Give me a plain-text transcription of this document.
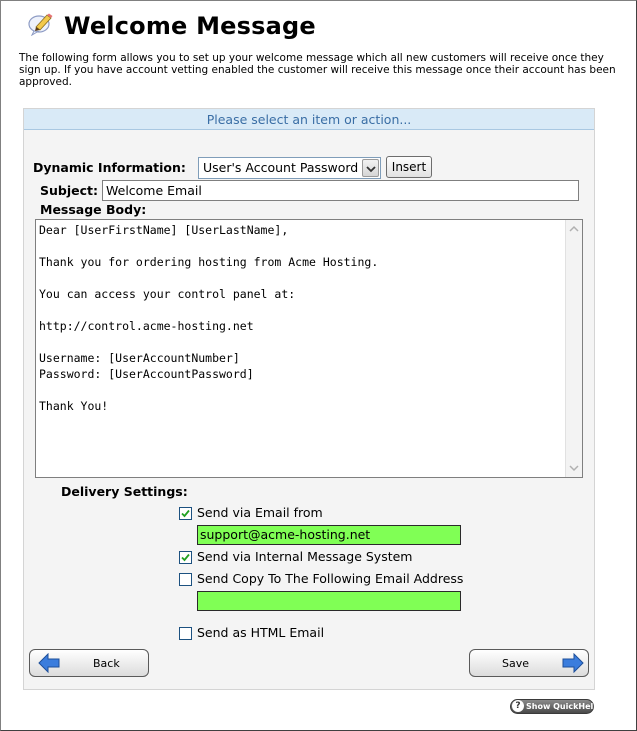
Welcome Message
The following form allows you to set up your welcome message which all new customers will receive once they sign up. If you have account vetting enabled the customer will receive this message once their account has been approved.
Please select an item or action...
Dynamic Information:	User's Account Password	Insert
Subject: Welcome Email
Message Body:
Dear [UserFirstName] [UserLastName],

Thank you for ordering hosting from Acme Hosting.

You can access your control panel at:

http://control.acme-hosting.net

Username: [UserAccountNumber]
Password: [UserAccountPassword]

Thank You!
Delivery Settings:
Send via Email from
support@acme-hosting.net
Send via Internal Message System
Send Copy To The Following Email Address
Send as HTML Email
Back	Save
? Show QuickHelp
